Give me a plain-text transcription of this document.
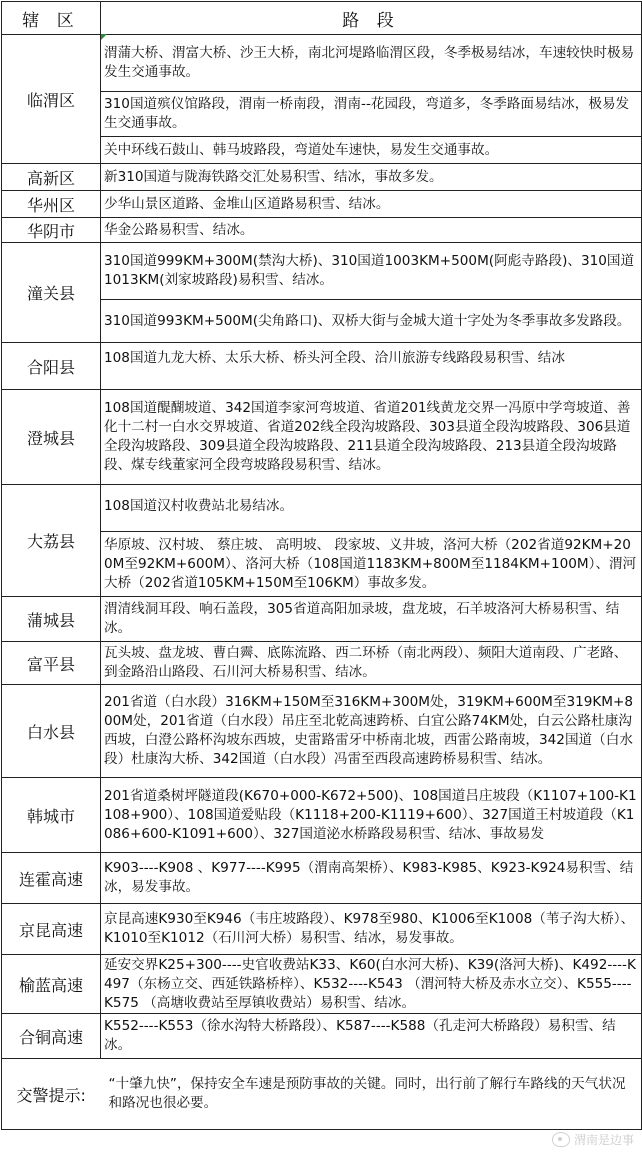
辖 区	路 段
临渭区	渭蒲大桥、渭富大桥、沙王大桥，南北河堤路临渭区段，冬季极易结冰，车速较快时极易发生交通事故。
	310国道殡仪馆路段，渭南一桥南段，渭南--花园段，弯道多，冬季路面易结冰，极易发生交通事故。
	关中环线石鼓山、韩马坡路段，弯道处车速快，易发生交通事故。
高新区	新310国道与陇海铁路交汇处易积雪、结冰，事故多发。
华州区	少华山景区道路、金堆山区道路易积雪、结冰。
华阴市	华金公路易积雪、结冰。
潼关县	310国道999KM+300M(禁沟大桥)、310国道1003KM+500M(阿彪寺路段)、310国道1013KM(刘家坡路段)易积雪、结冰。
	310国道993KM+500M(尖角路口)、双桥大街与金城大道十字处为冬季事故多发路段。
合阳县	108国道九龙大桥、太乐大桥、桥头河全段、洽川旅游专线路段易积雪、结冰
澄城县	108国道醍醐坡道、342国道李家河弯坡道、省道201线黄龙交界一冯原中学弯坡道、善化十二村一白水交界坡道、省道202线全段沟坡路段、303县道全段沟坡路段、306县道全段沟坡路段、309县道全段沟坡路段、211县道全段沟坡路段、213县道全段沟坡路段、煤专线董家河全段弯坡路段易积雪、结冰。
大荔县	108国道汉村收费站北易结冰。
	华原坡、汉村坡、 蔡庄坡、 高明坡、 段家坡、义井坡，洛河大桥（202省道92KM+200M至92KM+600M）、洛河大桥（108国道1183KM+800M至1184KM+100M）、渭河大桥（202省道105KM+150M至106KM）事故多发。
蒲城县	渭清线洞耳段、响石盖段，305省道高阳加录坡，盘龙坡，石羊坡洛河大桥易积雪、结冰。
富平县	瓦头坡、盘龙坡、曹白霽、底陈流路、西二环桥（南北两段）、频阳大道南段、广老路、到金路沿山路段、石川河大桥易积雪、结冰。
白水县	201省道（白水段）316KM+150M至316KM+300M处，319KM+600M至319KM+800M处，201省道（白水段）吊庄至北乾高速跨桥、白宜公路74KM处，白云公路杜康沟西坡，白澄公路杯沟坡东西坡，史雷路雷牙中桥南北坡，西雷公路南坡，342国道（白水段）杜康沟大桥、342国道（白水段）冯雷至西段高速跨桥易积雪、结冰。
韩城市	201省道桑树坪隧道段(K670+000-K672+500)、108国道吕庄坡段（K1107+100-K1108+900）、108国道爱贴段（K1118+200-K1119+600）、327国道王村坡道段（K1086+600-K1091+600）、327国道泌水桥路段易积雪、结冰、事故易发
连霍高速	K903----K908 、K977----K995（渭南高架桥）、K983-K985、K923-K924易积雪、结冰，易发事故。
京昆高速	京昆高速K930至K946（韦庄坡路段）、K978至980、K1006至K1008（苇子沟大桥）、K1010至K1012（石川河大桥）易积雪、结冰，易发事故。
榆蓝高速	延安交界K25+300----史官收费站K33、K60(白水河大桥)、K39(洛河大桥)、K492----K497（东杨立交、西延铁路桥梓）、K532----K543 （渭河特大桥及赤水立交）、K555----K575 （高塘收费站至厚镇收费站）易积雪、结冰。
合铜高速	K552----K553（徐水沟特大桥路段）、K587----K588（孔走河大桥路段）易积雪、结冰。
交警提示:	“十肇九快”，保持安全车速是预防事故的关键。同时，出行前了解行车路线的天气状况和路况也很必要。
渭南是边事
